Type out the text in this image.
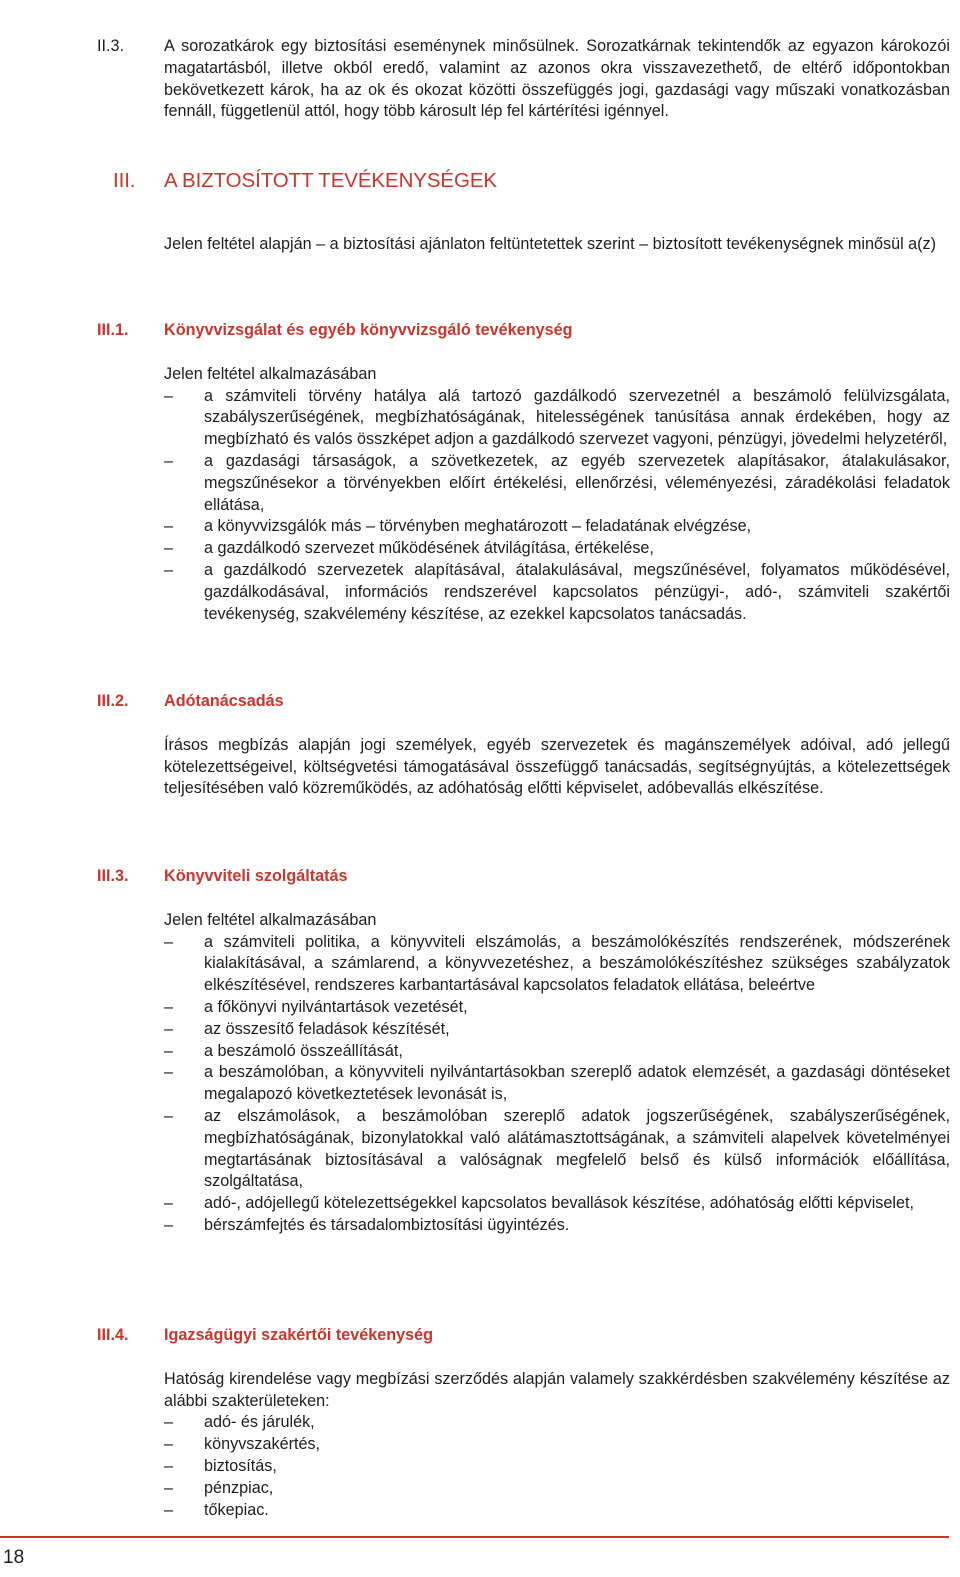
II.3. A sorozatkárok egy biztosítási eseménynek minősülnek. Sorozatkárnak tekintendők az egyazon károkozói magatartásból, illetve okból eredő, valamint az azonos okra visszavezethető, de eltérő időpontokban bekövetkezett károk, ha az ok és okozat közötti összefüggés jogi, gazdasági vagy műszaki vonatkozásban fennáll, függetlenül attól, hogy több károsult lép fel kártérítési igénnyel.

III. A BIZTOSÍTOTT TEVÉKENYSÉGEK

Jelen feltétel alapján – a biztosítási ajánlaton feltüntetettek szerint – biztosított tevékenységnek minősül a(z)

III.1. Könyvvizsgálat és egyéb könyvvizsgáló tevékenység

Jelen feltétel alkalmazásában

– a számviteli törvény hatálya alá tartozó gazdálkodó szervezetnél a beszámoló felülvizsgálata, szabályszerűségének, megbízhatóságának, hitelességének tanúsítása annak érdekében, hogy az megbízható és valós összképet adjon a gazdálkodó szervezet vagyoni, pénzügyi, jövedelmi helyzetéről,
– a gazdasági társaságok, a szövetkezetek, az egyéb szervezetek alapításakor, átalakulásakor, megszűnésekor a törvényekben előírt értékelési, ellenőrzési, véleményezési, záradékolási feladatok ellátása,
– a könyvvizsgálók más – törvényben meghatározott – feladatának elvégzése,
– a gazdálkodó szervezet működésének átvilágítása, értékelése,
– a gazdálkodó szervezetek alapításával, átalakulásával, megszűnésével, folyamatos működésével, gazdálkodásával, információs rendszerével kapcsolatos pénzügyi-, adó-, számviteli szakértői tevékenység, szakvélemény készítése, az ezekkel kapcsolatos tanácsadás.
III.2. Adótanácsadás

Írásos megbízás alapján jogi személyek, egyéb szervezetek és magánszemélyek adóival, adó jellegű kötelezettségeivel, költségvetési támogatásával összefüggő tanácsadás, segítségnyújtás, a kötelezettségek teljesítésében való közreműködés, az adóhatóság előtti képviselet, adóbevallás elkészítése.

III.3. Könyvviteli szolgáltatás

Jelen feltétel alkalmazásában

– a számviteli politika, a könyvviteli elszámolás, a beszámolókészítés rendszerének, módszerének kialakításával, a számlarend, a könyvvezetéshez, a beszámolókészítéshez szükséges szabályzatok elkészítésével, rendszeres karbantartásával kapcsolatos feladatok ellátása, beleértve
– a főkönyvi nyilvántartások vezetését,
– az összesítő feladások készítését,
– a beszámoló összeállítását,
– a beszámolóban, a könyvviteli nyilvántartásokban szereplő adatok elemzését, a gazdasági döntéseket megalapozó következtetések levonását is,
– az elszámolások, a beszámolóban szereplő adatok jogszerűségének, szabályszerűségének, megbízhatóságának, bizonylatokkal való alátámasztottságának, a számviteli alapelvek követelményei megtartásának biztosításával a valóságnak megfelelő belső és külső információk előállítása, szolgáltatása,
– adó-, adójellegű kötelezettségekkel kapcsolatos bevallások készítése, adóhatóság előtti képviselet,
– bérszámfejtés és társadalombiztosítási ügyintézés.
III.4. Igazságügyi szakértői tevékenység

Hatóság kirendelése vagy megbízási szerződés alapján valamely szakkérdésben szakvélemény készítése az alábbi szakterületeken:

– adó- és járulék,
– könyvszakértés,
– biztosítás,
– pénzpiac,
– tőkepiac.
18
